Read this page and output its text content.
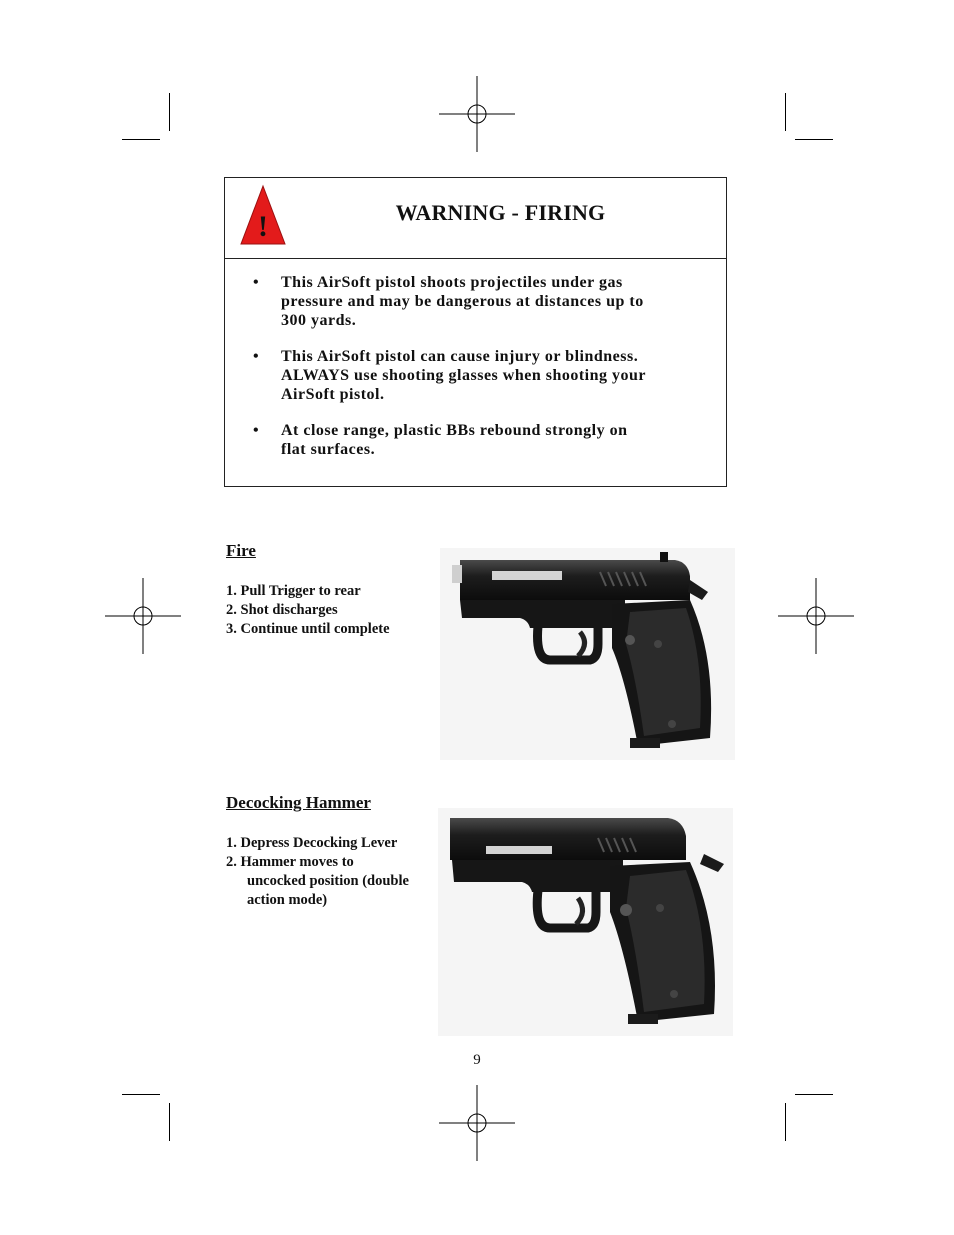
!	WARNING - FIRING
• This AirSoft pistol shoots projectiles under gas
pressure and may be dangerous at distances up to
300 yards.
• This AirSoft pistol can cause injury or blindness.
ALWAYS use shooting glasses when shooting your
AirSoft pistol.
• At close range, plastic BBs rebound strongly on
flat surfaces.
Fire
1. Pull Trigger to rear
2. Shot discharges
3. Continue until complete
Decocking Hammer
1. Depress Decocking Lever
2. Hammer moves to
uncocked position (double
action mode)
9
